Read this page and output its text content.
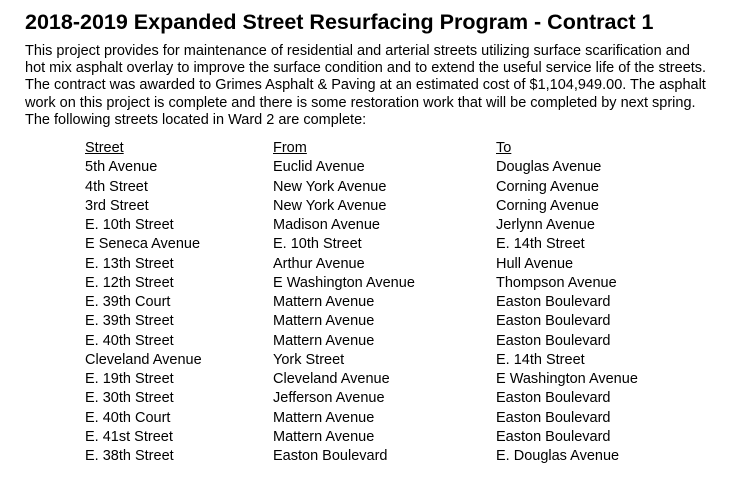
2018-2019 Expanded Street Resurfacing Program - Contract 1

This project provides for maintenance of residential and arterial streets utilizing surface scarification and
hot mix asphalt overlay to improve the surface condition and to extend the useful service life of the streets.
The contract was awarded to Grimes Asphalt & Paving at an estimated cost of $1,104,949.00. The asphalt
work on this project is complete and there is some restoration work that will be completed by next spring.
The following streets located in Ward 2 are complete:

Street	From	To
5th Avenue	Euclid Avenue	Douglas Avenue
4th Street	New York Avenue	Corning Avenue
3rd Street	New York Avenue	Corning Avenue
E. 10th Street	Madison Avenue	Jerlynn Avenue
E Seneca Avenue	E. 10th Street	E. 14th Street
E. 13th Street	Arthur Avenue	Hull Avenue
E. 12th Street	E Washington Avenue	Thompson Avenue
E. 39th Court	Mattern Avenue	Easton Boulevard
E. 39th Street	Mattern Avenue	Easton Boulevard
E. 40th Street	Mattern Avenue	Easton Boulevard
Cleveland Avenue	York Street	E. 14th Street
E. 19th Street	Cleveland Avenue	E Washington Avenue
E. 30th Street	Jefferson Avenue	Easton Boulevard
E. 40th Court	Mattern Avenue	Easton Boulevard
E. 41st Street	Mattern Avenue	Easton Boulevard
E. 38th Street	Easton Boulevard	E. Douglas Avenue
